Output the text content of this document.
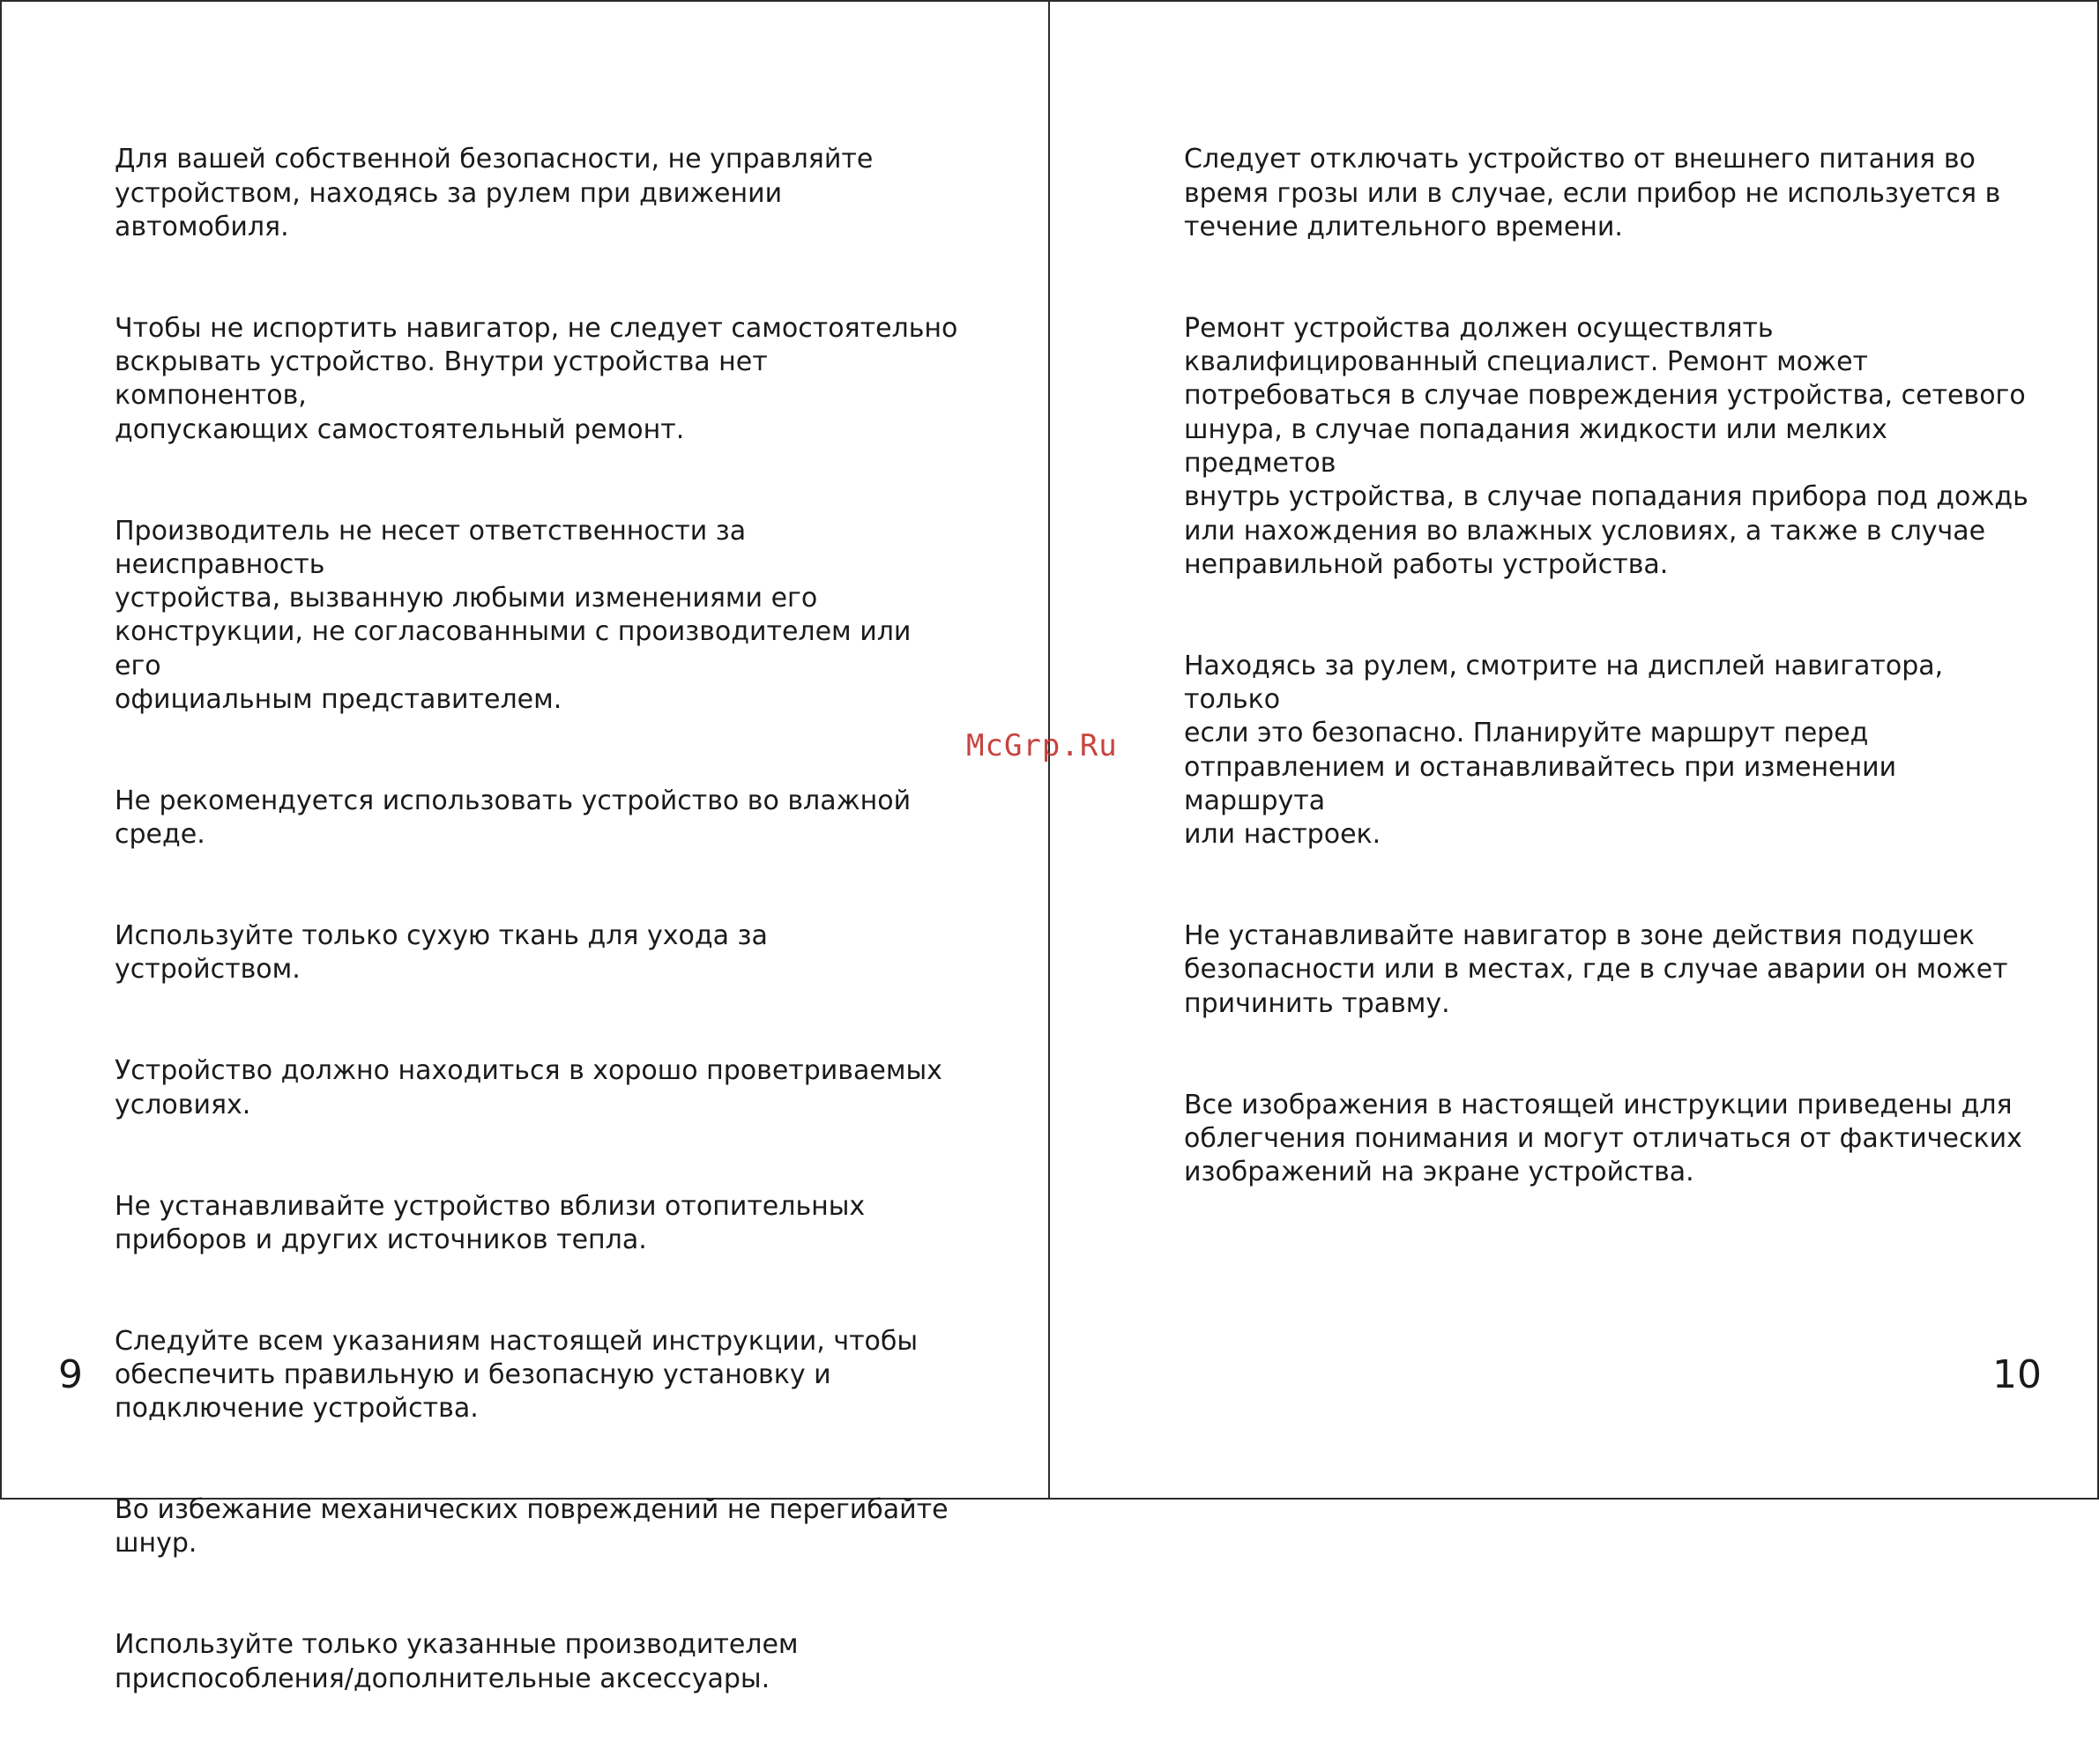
Для вашей собственной безопасности, не управляйте
устройством, находясь за рулем при движении автомобиля.

Чтобы не испортить навигатор, не следует самостоятельно
вскрывать устройство. Внутри устройства нет компонентов,
допускающих самостоятельный ремонт.

Производитель не несет ответственности за неисправность
устройства, вызванную любыми изменениями его
конструкции, не согласованными с производителем или его
официальным представителем.

Не рекомендуется использовать устройство во влажной
среде.

Используйте только сухую ткань для ухода за устройством.

Устройство должно находиться в хорошо проветриваемых
условиях.

Не устанавливайте устройство вблизи отопительных
приборов и других источников тепла.

Следуйте всем указаниям настоящей инструкции, чтобы
обеспечить правильную и безопасную установку и
подключение устройства.

Во избежание механических повреждений не перегибайте
шнур.

Используйте только указанные производителем
приспособления/дополнительные аксессуары.

9

Следует отключать устройство от внешнего питания во
время грозы или в случае, если прибор не используется в
течение длительного времени.

Ремонт устройства должен осуществлять
квалифицированный специалист. Ремонт может
потребоваться в случае повреждения устройства, сетевого
шнура, в случае попадания жидкости или мелких предметов
внутрь устройства, в случае попадания прибора под дождь
или нахождения во влажных условиях, а также в случае
неправильной работы устройства.

Находясь за рулем, смотрите на дисплей навигатора, только
если это безопасно. Планируйте маршрут перед
отправлением и останавливайтесь при изменении маршрута
или настроек.

Не устанавливайте навигатор в зоне действия подушек
безопасности или в местах, где в случае аварии он может
причинить травму.

Все изображения в настоящей инструкции приведены для
облегчения понимания и могут отличаться от фактических
изображений на экране устройства.

10
McGrp.Ru
